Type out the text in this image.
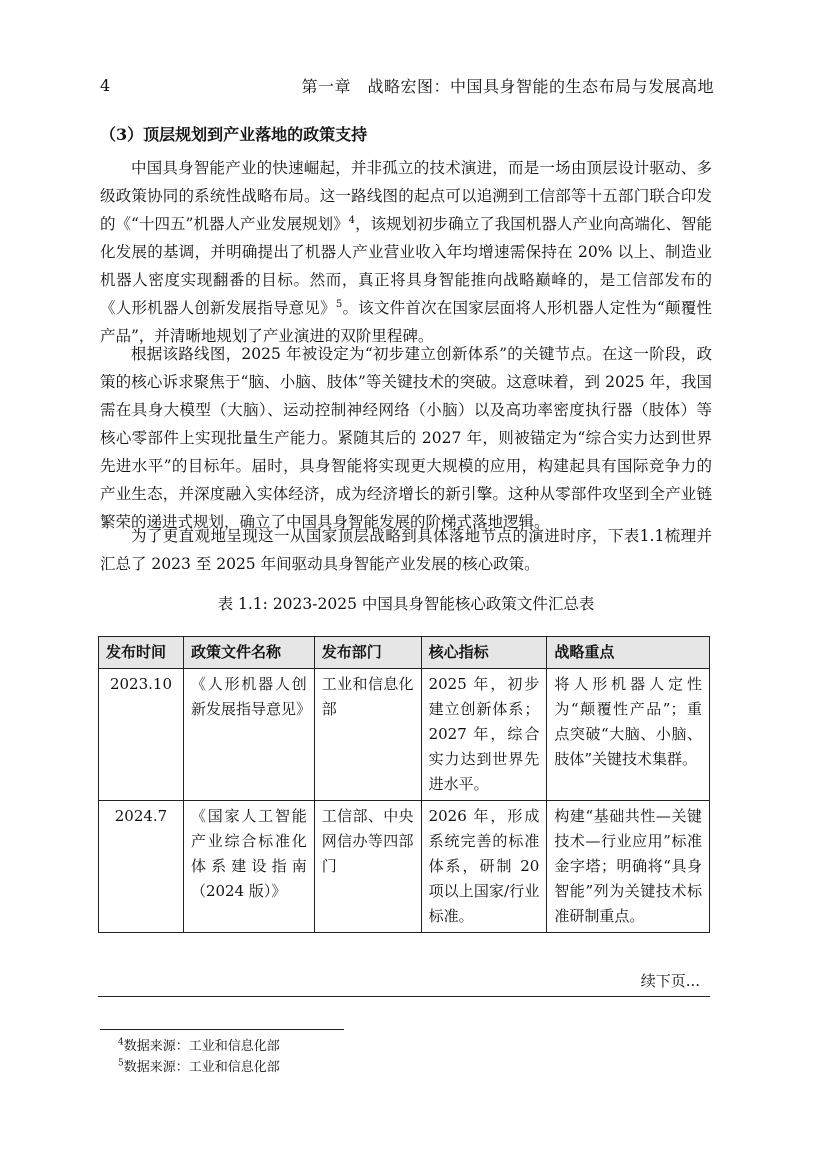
4	第一章　战略宏图：中国具身智能的生态布局与发展高地
（3）顶层规划到产业落地的政策支持

中国具身智能产业的快速崛起，并非孤立的技术演进，而是一场由顶层设计驱动、多级政策协同的系统性战略布局。这一路线图的起点可以追溯到工信部等十五部门联合印发的《“十四五”机器人产业发展规划》$^4$，该规划初步确立了我国机器人产业向高端化、智能化发展的基调，并明确提出了机器人产业营业收入年均增速需保持在 20% 以上、制造业机器人密度实现翻番的目标。然而，真正将具身智能推向战略巅峰的，是工信部发布的《人形机器人创新发展指导意见》$^5$。该文件首次在国家层面将人形机器人定性为“颠覆性产品”，并清晰地规划了产业演进的双阶里程碑。

根据该路线图，2025 年被设定为“初步建立创新体系”的关键节点。在这一阶段，政策的核心诉求聚焦于“脑、小脑、肢体”等关键技术的突破。这意味着，到 2025 年，我国需在具身大模型（大脑）、运动控制神经网络（小脑）以及高功率密度执行器（肢体）等核心零部件上实现批量生产能力。紧随其后的 2027 年，则被锚定为“综合实力达到世界先进水平”的目标年。届时，具身智能将实现更大规模的应用，构建起具有国际竞争力的产业生态，并深度融入实体经济，成为经济增长的新引擎。这种从零部件攻坚到全产业链繁荣的递进式规划，确立了中国具身智能发展的阶梯式落地逻辑。

为了更直观地呈现这一从国家顶层战略到具体落地节点的演进时序，下表1.1梳理并汇总了 2023 至 2025 年间驱动具身智能产业发展的核心政策。

表 1.1: 2023-2025 中国具身智能核心政策文件汇总表
发布时间	政策文件名称	发布部门	核心指标	战略重点
2023.10	《人形机器人创新发展指导意见》	工业和信息化部	2025 年，初步建立创新体系；2027 年，综合实力达到世界先进水平。	将人形机器人定性为“颠覆性产品”；重点突破“大脑、小脑、肢体”关键技术集群。
2024.7	《国家人工智能产业综合标准化体系建设指南（2024 版）》	工信部、中央网信办等四部门	2026 年，形成系统完善的标准体系，研制 20 项以上国家/行业标准。	构建“基础共性—关键技术—行业应用”标准金字塔；明确将“具身智能”列为关键技术标准研制重点。
续下页...
$^4$数据来源：工业和信息化部
$^5$数据来源：工业和信息化部
